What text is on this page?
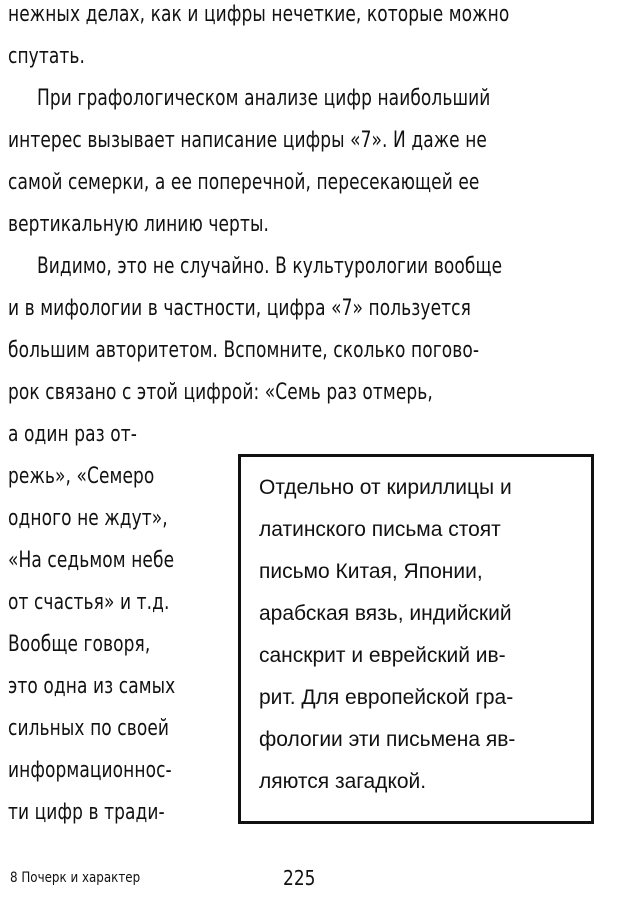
нежных делах, как и цифры нечеткие, которые можно
спутать.
При графологическом анализе цифр наибольший
интерес вызывает написание цифры «7». И даже не
самой семерки, а ее поперечной, пересекающей ее
вертикальную линию черты.
Видимо, это не случайно. В культурологии вообще
и в мифологии в частности, цифра «7» пользуется
большим авторитетом. Вспомните, сколько погово-
рок связано с этой цифрой: «Семь раз отмерь,
а один раз от-
режь», «Семеро
одного не ждут»,
«На седьмом небе
от счастья» и т.д.
Вообще говоря,
это одна из самых
сильных по своей
информационнос-
ти цифр в тради-
Отдельно от кириллицы и
латинского письма стоят
письмо Китая, Японии,
арабская вязь, индийский
санскрит и еврейский ив-
рит. Для европейской гра-
фологии эти письмена яв-
ляются загадкой.
8 Почерк и характер	225
